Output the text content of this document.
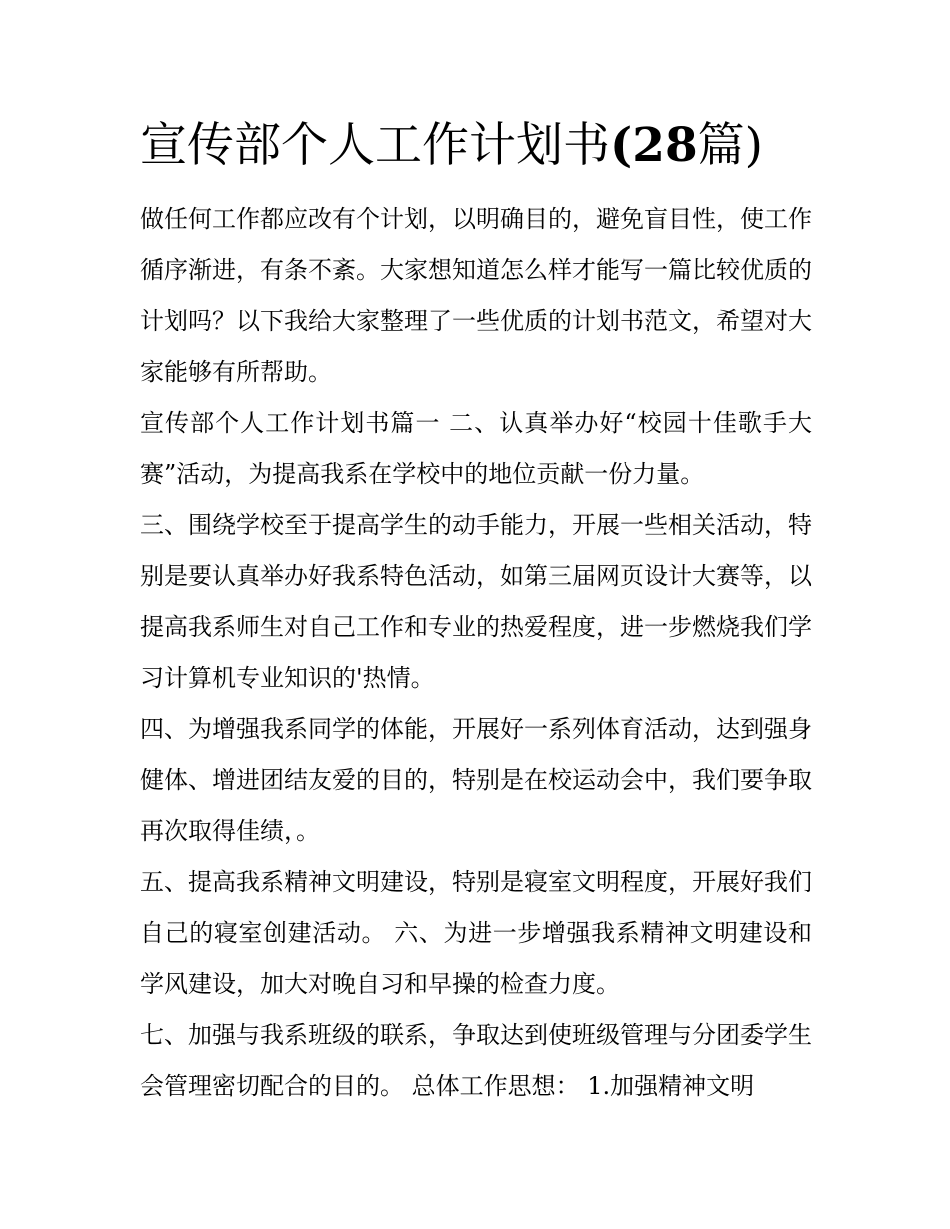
宣传部个人工作计划书(28篇)

做任何工作都应改有个计划，以明确目的，避免盲目性，使工作循序渐进，有条不紊。大家想知道怎么样才能写一篇比较优质的计划吗？以下我给大家整理了一些优质的计划书范文，希望对大家能够有所帮助。

宣传部个人工作计划书篇一 二、认真举办好“校园十佳歌手大赛”活动，为提高我系在学校中的地位贡献一份力量。

三、围绕学校至于提高学生的动手能力，开展一些相关活动，特别是要认真举办好我系特色活动，如第三届网页设计大赛等，以提高我系师生对自己工作和专业的热爱程度，进一步燃烧我们学习计算机专业知识的'热情。

四、为增强我系同学的体能，开展好一系列体育活动，达到强身健体、增进团结友爱的目的，特别是在校运动会中，我们要争取再次取得佳绩，。

五、提高我系精神文明建设，特别是寝室文明程度，开展好我们自己的寝室创建活动。 六、为进一步增强我系精神文明建设和学风建设，加大对晚自习和早操的检查力度。

七、加强与我系班级的联系，争取达到使班级管理与分团委学生会管理密切配合的目的。 总体工作思想： 1.加强精神文明
